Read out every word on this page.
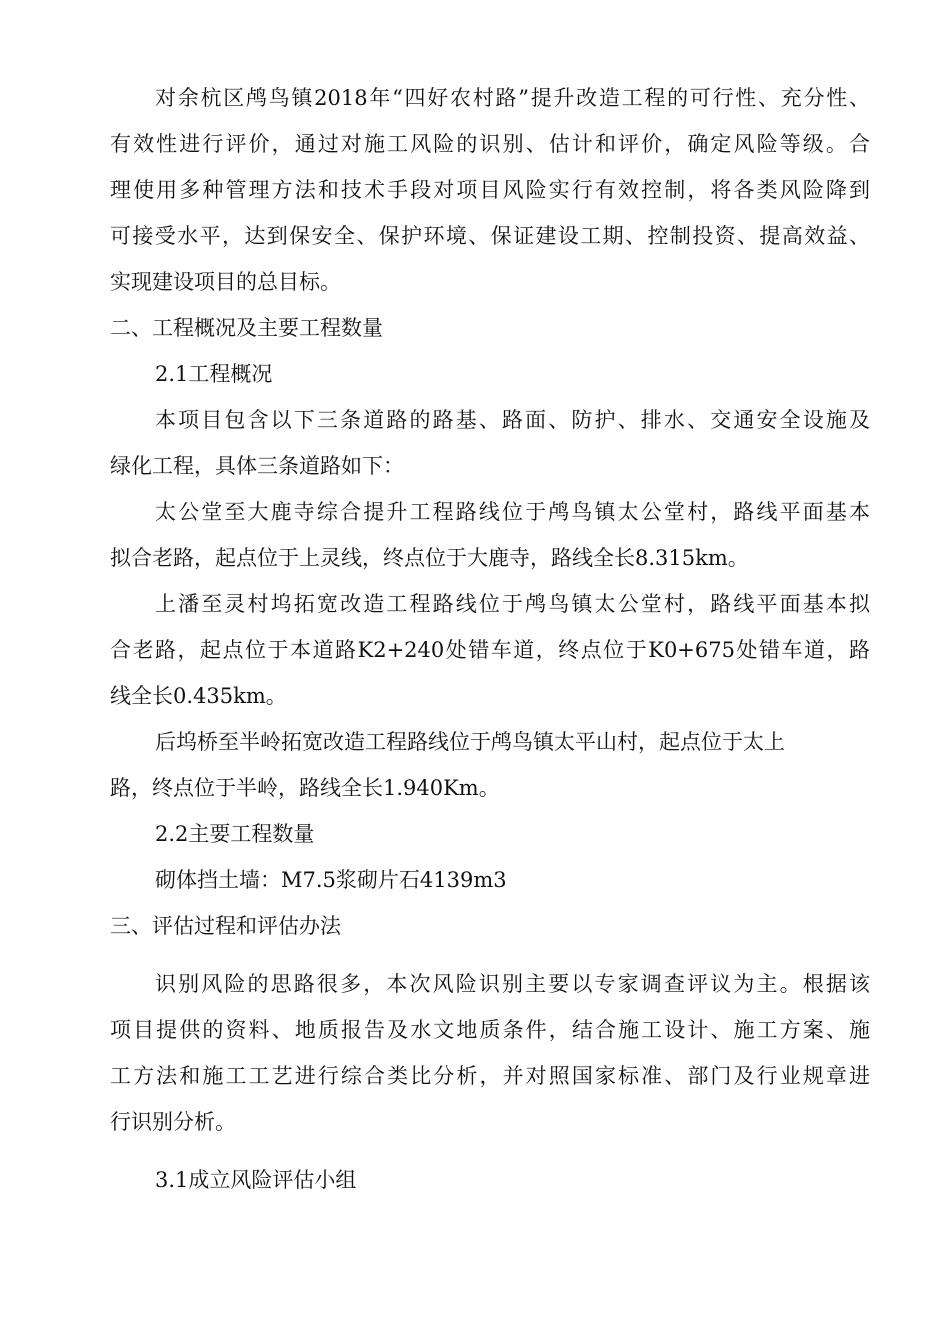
对余杭区鸬鸟镇2018年“四好农村路”提升改造工程的可行性、充分性、
有效性进行评价，通过对施工风险的识别、估计和评价，确定风险等级。合
理使用多种管理方法和技术手段对项目风险实行有效控制，将各类风险降到
可接受水平，达到保安全、保护环境、保证建设工期、控制投资、提高效益、
实现建设项目的总目标。
二、工程概况及主要工程数量
2.1工程概况
本项目包含以下三条道路的路基、路面、防护、排水、交通安全设施及
绿化工程，具体三条道路如下：
太公堂至大鹿寺综合提升工程路线位于鸬鸟镇太公堂村，路线平面基本
拟合老路，起点位于上灵线，终点位于大鹿寺，路线全长8.315km。
上潘至灵村坞拓宽改造工程路线位于鸬鸟镇太公堂村，路线平面基本拟
合老路，起点位于本道路K2+240处错车道，终点位于K0+675处错车道，路
线全长0.435km。
后坞桥至半岭拓宽改造工程路线位于鸬鸟镇太平山村，起点位于太上
路，终点位于半岭，路线全长1.940Km。
2.2主要工程数量
砌体挡土墙：M7.5浆砌片石4139m3
三、评估过程和评估办法
识别风险的思路很多，本次风险识别主要以专家调查评议为主。根据该
项目提供的资料、地质报告及水文地质条件，结合施工设计、施工方案、施
工方法和施工工艺进行综合类比分析，并对照国家标准、部门及行业规章进
行识别分析。
3.1成立风险评估小组
